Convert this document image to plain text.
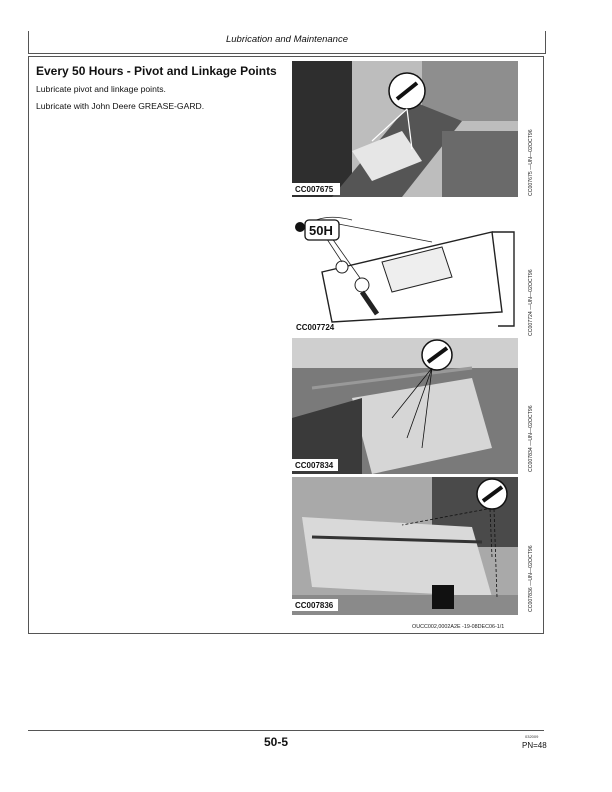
Lubrication and Maintenance
Every 50 Hours - Pivot and Linkage Points
Lubricate pivot and linkage points.
Lubricate with John Deere GREASE-GARD.
CC007675
50H
CC007724
CC007834
CC007836
CC007675 —UN—02OCT96
CC007724 —UN—02OCT96
CC007834 —UN—02OCT96
CC007836 —UN—02OCT96
OUCC002,0002A2E -19-08DEC06-1/1
50-5	032009
PN=48
